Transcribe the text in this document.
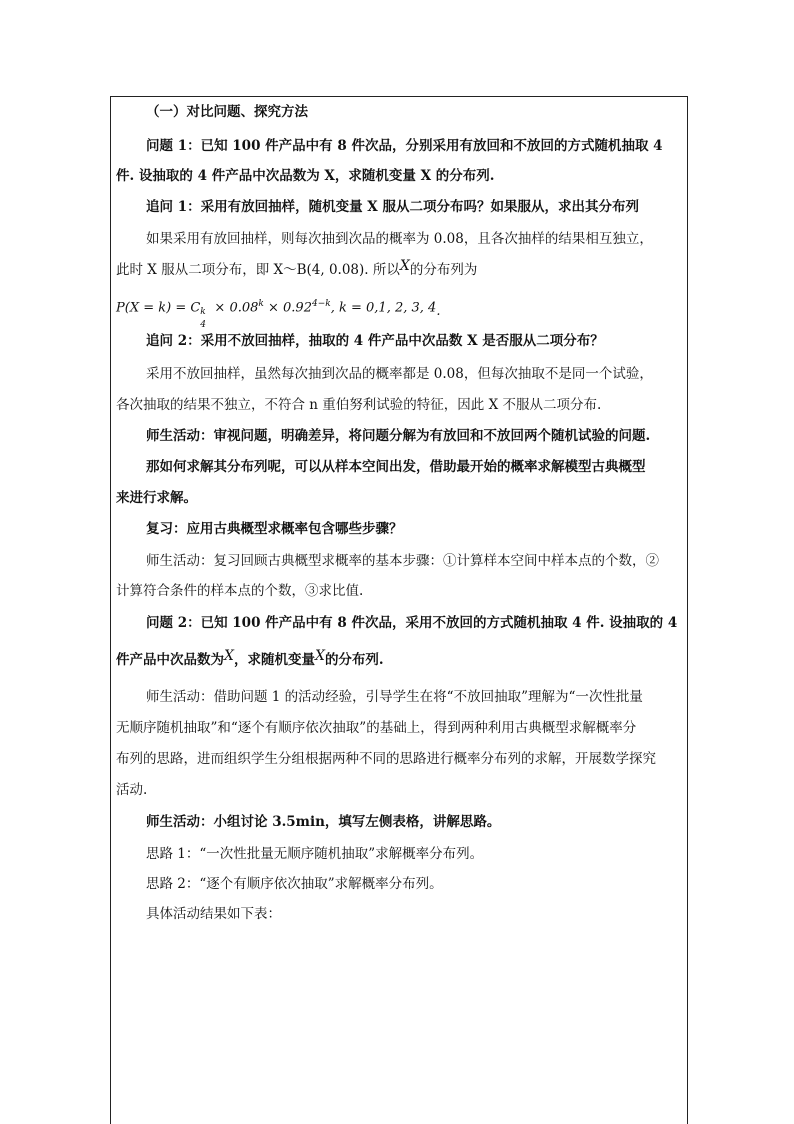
（一）对比问题、探究方法
问题 1：已知 100 件产品中有 8 件次品，分别采用有放回和不放回的方式随机抽取 4
件. 设抽取的 4 件产品中次品数为 X，求随机变量 X 的分布列.
追问 1：采用有放回抽样，随机变量 X 服从二项分布吗？如果服从，求出其分布列
如果采用有放回抽样，则每次抽到次品的概率为 0.08，且各次抽样的结果相互独立，
此时 X 服从二项分布，即 X～B(4, 0.08). 所以X的分布列为
P(X = k) = C k
4
× $0.08^k \times 0.92^{4-k}$, k = 0,1, 2, 3, 4.
追问 2：采用不放回抽样，抽取的 4 件产品中次品数 X 是否服从二项分布？
采用不放回抽样，虽然每次抽到次品的概率都是 0.08，但每次抽取不是同一个试验，
各次抽取的结果不独立，不符合 n 重伯努利试验的特征，因此 X 不服从二项分布.
师生活动：审视问题，明确差异，将问题分解为有放回和不放回两个随机试验的问题.
那如何求解其分布列呢，可以从样本空间出发，借助最开始的概率求解模型古典概型
来进行求解。
复习：应用古典概型求概率包含哪些步骤？
师生活动：复习回顾古典概型求概率的基本步骤：①计算样本空间中样本点的个数，②
计算符合条件的样本点的个数，③求比值.
问题 2：已知 100 件产品中有 8 件次品，采用不放回的方式随机抽取 4 件. 设抽取的 4
件产品中次品数为X，求随机变量X的分布列.
师生活动：借助问题 1 的活动经验，引导学生在将“不放回抽取”理解为“一次性批量
无顺序随机抽取”和“逐个有顺序依次抽取”的基础上，得到两种利用古典概型求解概率分
布列的思路，进而组织学生分组根据两种不同的思路进行概率分布列的求解，开展数学探究
活动.
师生活动：小组讨论 3.5min，填写左侧表格，讲解思路。
思路 1：“一次性批量无顺序随机抽取”求解概率分布列。
思路 2：“逐个有顺序依次抽取”求解概率分布列。
具体活动结果如下表：
